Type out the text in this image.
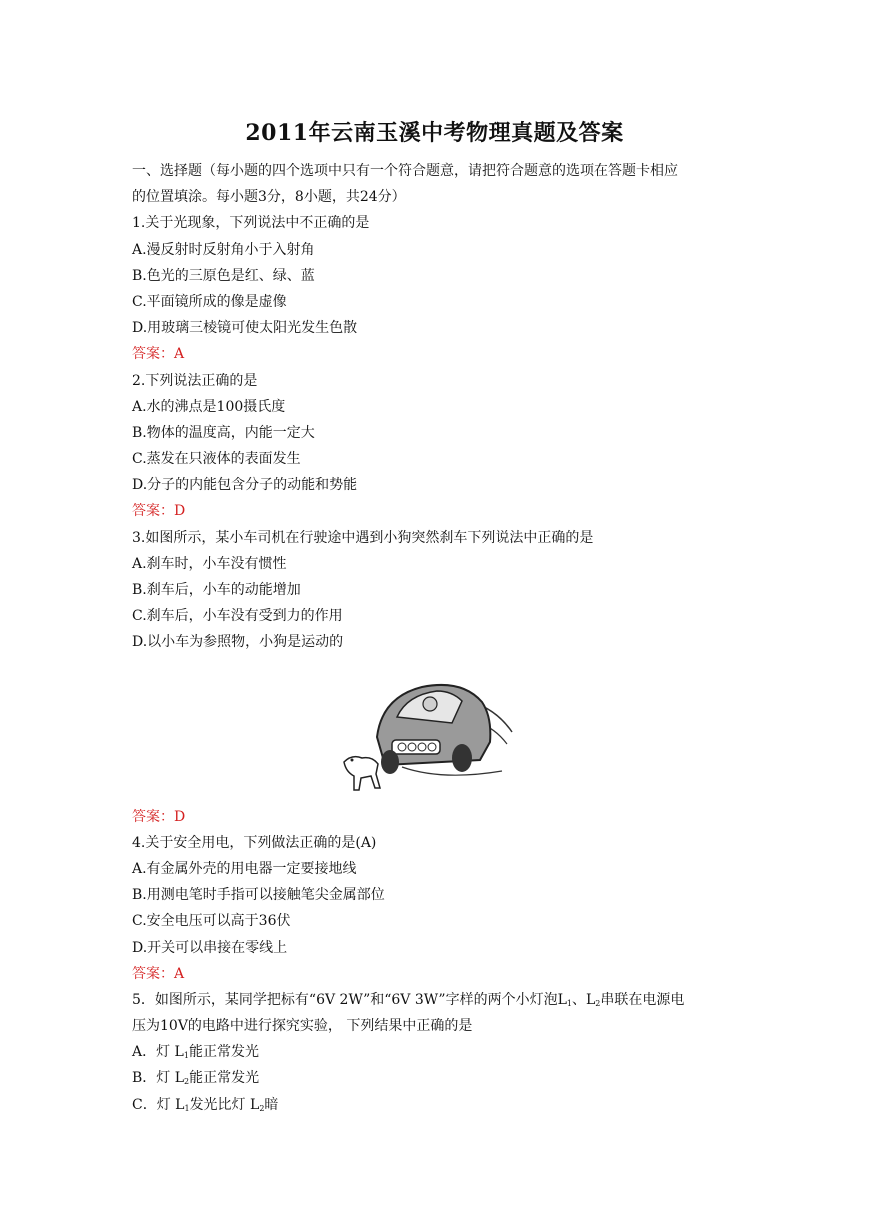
2011年云南玉溪中考物理真题及答案
一、选择题（每小题的四个选项中只有一个符合题意，请把符合题意的选项在答题卡相应
的位置填涂。每小题3分，8小题，共24分）
1.关于光现象，下列说法中不正确的是
A.漫反射时反射角小于入射角
B.色光的三原色是红、绿、蓝
C.平面镜所成的像是虚像
D.用玻璃三棱镜可使太阳光发生色散
答案：A
2.下列说法正确的是
A.水的沸点是100摄氏度
B.物体的温度高，内能一定大
C.蒸发在只液体的表面发生
D.分子的内能包含分子的动能和势能
答案：D
3.如图所示，某小车司机在行驶途中遇到小狗突然刹车下列说法中正确的是
A.刹车时，小车没有惯性
B.刹车后，小车的动能增加
C.刹车后，小车没有受到力的作用
D.以小车为参照物，小狗是运动的
答案：D
4.关于安全用电，下列做法正确的是(A)
A.有金属外壳的用电器一定要接地线
B.用测电笔时手指可以接触笔尖金属部位
C.安全电压可以高于36伏
D.开关可以串接在零线上
答案：A
5．如图所示，某同学把标有“6V 2W”和“6V 3W”字样的两个小灯泡$L_1$、$L_2$串联在电源电
压为10V的电路中进行探究实验， 下列结果中正确的是
A．灯 $L_1$能正常发光
B．灯 $L_2$能正常发光
C．灯 $L_1$发光比灯 $L_2$暗
